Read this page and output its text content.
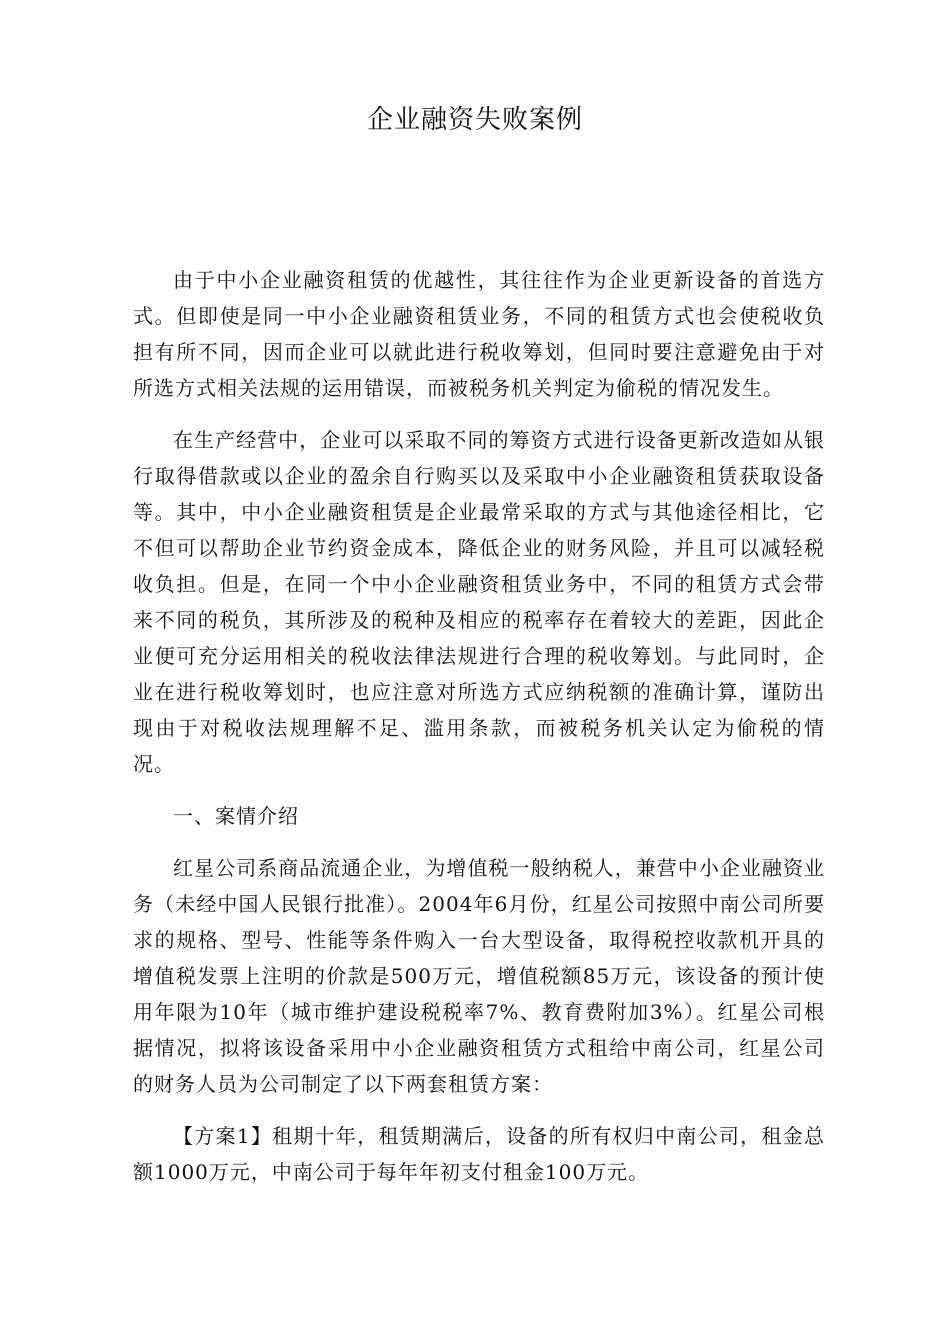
企业融资失败案例

由于中小企业融资租赁的优越性，其往往作为企业更新设备的首选方式。但即使是同一中小企业融资租赁业务，不同的租赁方式也会使税收负担有所不同，因而企业可以就此进行税收筹划，但同时要注意避免由于对所选方式相关法规的运用错误，而被税务机关判定为偷税的情况发生。

在生产经营中，企业可以采取不同的筹资方式进行设备更新改造如从银行取得借款或以企业的盈余自行购买以及采取中小企业融资租赁获取设备等。其中，中小企业融资租赁是企业最常采取的方式与其他途径相比，它不但可以帮助企业节约资金成本，降低企业的财务风险，并且可以减轻税收负担。但是，在同一个中小企业融资租赁业务中，不同的租赁方式会带来不同的税负，其所涉及的税种及相应的税率存在着较大的差距，因此企业便可充分运用相关的税收法律法规进行合理的税收筹划。与此同时，企业在进行税收筹划时，也应注意对所选方式应纳税额的准确计算，谨防出现由于对税收法规理解不足、滥用条款，而被税务机关认定为偷税的情况。

一、案情介绍

红星公司系商品流通企业，为增值税一般纳税人，兼营中小企业融资业务（未经中国人民银行批准）。2004年6月份，红星公司按照中南公司所要求的规格、型号、性能等条件购入一台大型设备，取得税控收款机开具的增值税发票上注明的价款是500万元，增值税额85万元，该设备的预计使用年限为10年（城市维护建设税税率7%、教育费附加3%）。红星公司根据情况，拟将该设备采用中小企业融资租赁方式租给中南公司，红星公司的财务人员为公司制定了以下两套租赁方案：

【方案1】租期十年，租赁期满后，设备的所有权归中南公司，租金总额1000万元，中南公司于每年年初支付租金100万元。
